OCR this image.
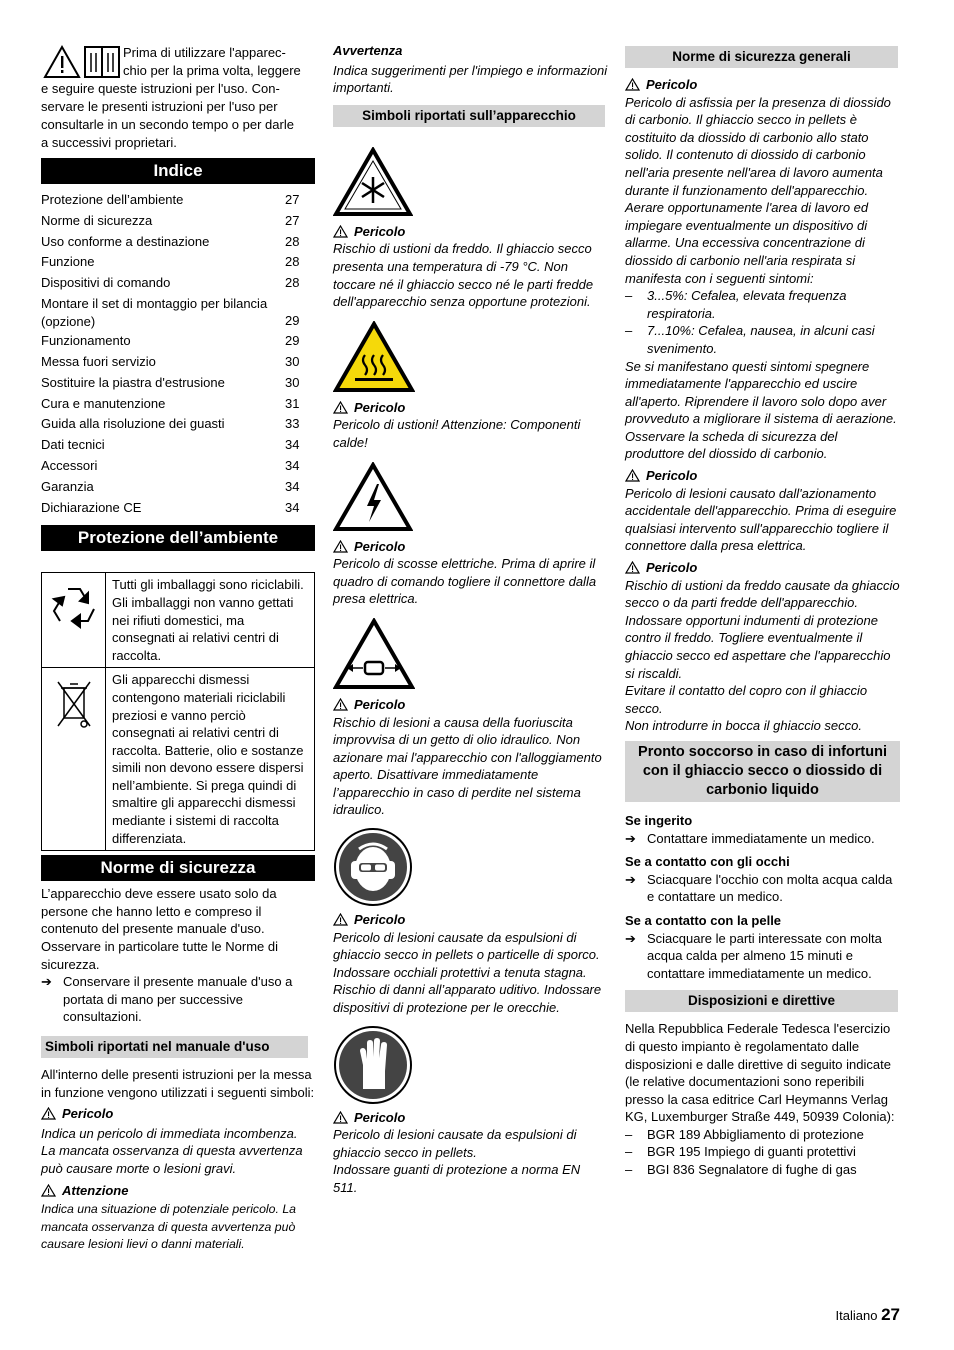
Prima di utilizzare l'apparec-

chio per la prima volta, leggere

e seguire queste istruzioni per l'uso. Con-

servare le presenti istruzioni per l'uso per

consultarle in un secondo tempo o per darle

a successivi proprietari.

Indice
Protezione dell’ambiente	27
Norme di sicurezza	27
Uso conforme a destinazione	28
Funzione	28
Dispositivi di comando	28
Montare il set di montaggio per bilancia (opzione)	29
Funzionamento	29
Messa fuori servizio	30
Sostituire la piastra d'estrusione	30
Cura e manutenzione	31
Guida alla risoluzione dei guasti	33
Dati tecnici	34
Accessori	34
Garanzia	34
Dichiarazione CE	34
Protezione dell’ambiente
	Tutti gli imballaggi sono riciclabili. Gli imballaggi non vanno gettati nei rifiuti domestici, ma consegnati ai relativi centri di raccolta.
	Gli apparecchi dismessi contengono materiali riciclabili preziosi e vanno perciò consegnati ai relativi centri di raccolta. Batterie, olio e sostanze simili non devono essere dispersi nell’ambiente. Si prega quindi di smaltire gli apparecchi dismessi mediante i sistemi di raccolta differenziata.
Norme di sicurezza

L’apparecchio deve essere usato solo da persone che hanno letto e compreso il contenuto del presente manuale d'uso. Osservare in particolare tutte le Norme di sicurezza.

➔ Conservare il presente manuale d'uso a portata di mano per successive consultazioni.
Simboli riportati nel manuale d'uso

All'interno delle presenti istruzioni per la messa in funzione vengono utilizzati i seguenti simboli:

Pericolo

Indica un pericolo di immediata incombenza. La mancata osservanza di questa avvertenza può causare morte o lesioni gravi.

Attenzione

Indica una situazione di potenziale pericolo. La mancata osservanza di questa avvertenza può causare lesioni lievi o danni materiali.

Avvertenza

Indica suggerimenti per l'impiego e informazioni importanti.

Simboli riportati sull’apparecchio
Pericolo

Rischio di ustioni da freddo. Il ghiaccio secco presenta una temperatura di -79 °C. Non toccare né il ghiaccio secco né le parti fredde dell'apparecchio senza opportune protezioni.

Pericolo

Pericolo di ustioni! Attenzione: Componenti calde!

Pericolo

Pericolo di scosse elettriche. Prima di aprire il quadro di comando togliere il connettore dalla presa elettrica.

Pericolo

Rischio di lesioni a causa della fuoriuscita improvvisa di un getto di olio idraulico. Non azionare mai l'apparecchio con l'alloggiamento aperto. Disattivare immediatamente l’apparecchio in caso di perdite nel sistema idraulico.

Pericolo

Pericolo di lesioni causate da espulsioni di ghiaccio secco in pellets o particelle di sporco. Indossare occhiali protettivi a tenuta stagna.

Rischio di danni all’apparato uditivo. Indossare dispositivi di protezione per le orecchie.

Pericolo

Pericolo di lesioni causate da espulsioni di ghiaccio secco in pellets.

Indossare guanti di protezione a norma EN 511.

Norme di sicurezza generali
Pericolo

Pericolo di asfissia per la presenza di diossido di carbonio. Il ghiaccio secco in pellets è costituito da diossido di carbonio allo stato solido. Il contenuto di diossido di carbonio nell'aria presente nell'area di lavoro aumenta durante il funzionamento dell'apparecchio. Aerare opportunamente l'area di lavoro ed impiegare eventualmente un dispositivo di allarme. Una eccessiva concentrazione di diossido di carbonio nell'aria respirata si manifesta con i seguenti sintomi:

–	3...5%: Cefalea, elevata frequenza respiratoria.
–	7...10%: Cefalea, nausea, in alcuni casi svenimento.

Se si manifestano questi sintomi spegnere immediatamente l'apparecchio ed uscire all'aperto. Riprendere il lavoro solo dopo aver provveduto a migliorare il sistema di aerazione.

Osservare la scheda di sicurezza del produttore del diossido di carbonio.

Pericolo

Pericolo di lesioni causato dall'azionamento accidentale dell'apparecchio. Prima di eseguire qualsiasi intervento sull'apparecchio togliere il connettore dalla presa elettrica.

Pericolo

Rischio di ustioni da freddo causate da ghiaccio secco o da parti fredde dell'apparecchio. Indossare opportuni indumenti di protezione contro il freddo. Togliere eventualmente il ghiaccio secco ed aspettare che l'apparecchio si riscaldi.

Evitare il contatto del copro con il ghiaccio secco.

Non introdurre in bocca il ghiaccio secco.

Pronto soccorso in caso di infortuni con il ghiaccio secco o diossido di carbonio liquido

Se ingerito

➔ Contattare immediatamente un medico.

Se a contatto con gli occhi

➔ Sciacquare l'occhio con molta acqua calda e contattare un medico.

Se a contatto con la pelle

➔ Sciacquare le parti interessate con molta acqua calda per almeno 15 minuti e contattare immediatamente un medico.
Disposizioni e direttive

Nella Repubblica Federale Tedesca l'esercizio di questo impianto è regolamentato dalle disposizioni e dalle direttive di seguito indicate (le relative documentazioni sono reperibili presso la casa editrice Carl Heymanns Verlag KG, Luxemburger Straße 449, 50939 Colonia):

–	BGR 189 Abbigliamento di protezione
–	BGR 195 Impiego di guanti protettivi
–	BGI 836 Segnalatore di fughe di gas
Italiano 27
